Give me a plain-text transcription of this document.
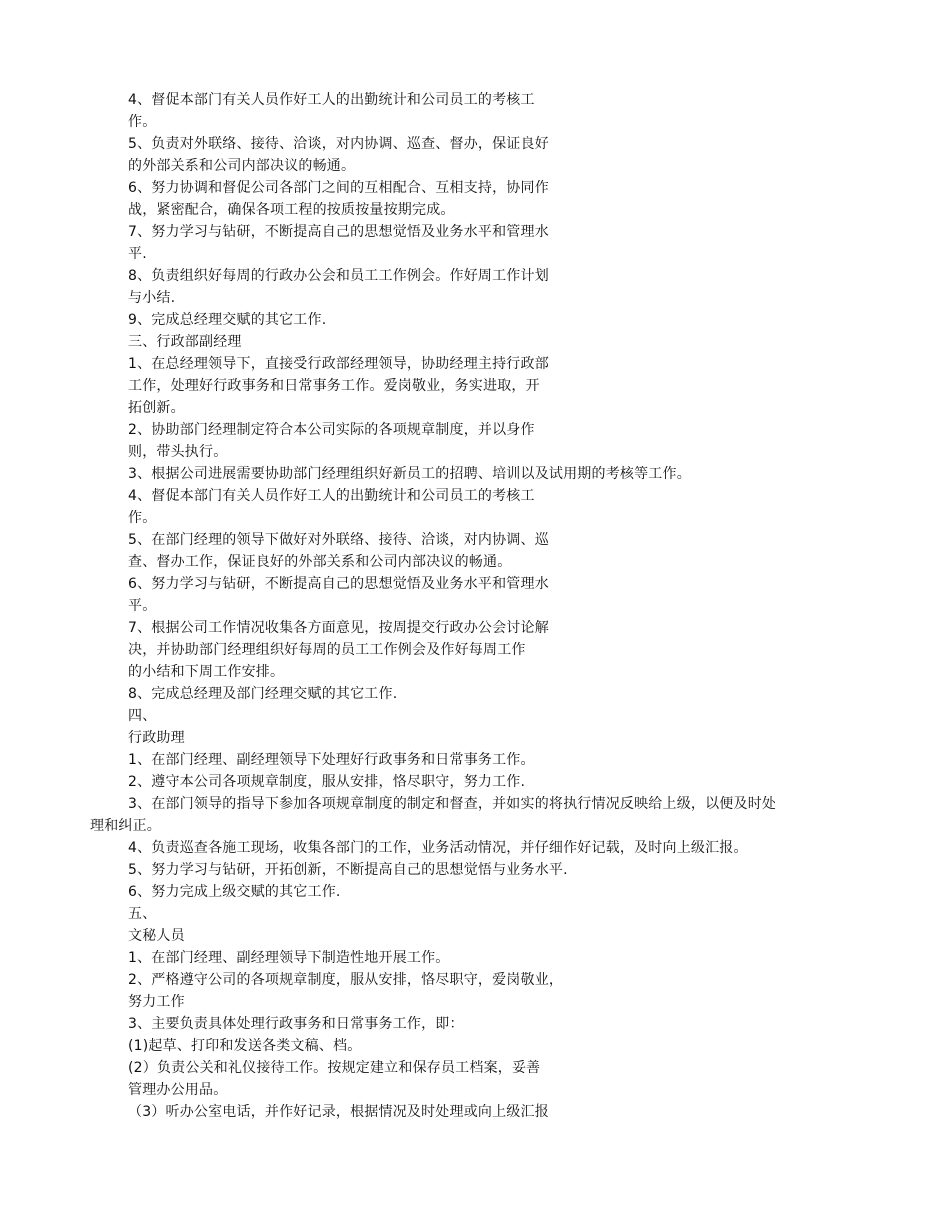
4、督促本部门有关人员作好工人的出勤统计和公司员工的考核工
作。
5、负责对外联络、接待、洽谈，对内协调、巡查、督办，保证良好
的外部关系和公司内部决议的畅通。
6、努力协调和督促公司各部门之间的互相配合、互相支持，协同作
战，紧密配合，确保各项工程的按质按量按期完成。
7、努力学习与钻研，不断提高自己的思想觉悟及业务水平和管理水
平.
8、负责组织好每周的行政办公会和员工工作例会。作好周工作计划
与小结.
9、完成总经理交赋的其它工作.
三、行政部副经理
1、在总经理领导下，直接受行政部经理领导，协助经理主持行政部
工作，处理好行政事务和日常事务工作。爱岗敬业，务实进取，开
拓创新。
2、协助部门经理制定符合本公司实际的各项规章制度，并以身作
则，带头执行。
3、根据公司进展需要协助部门经理组织好新员工的招聘、培训以及试用期的考核等工作。
4、督促本部门有关人员作好工人的出勤统计和公司员工的考核工
作。
5、在部门经理的领导下做好对外联络、接待、洽谈，对内协调、巡
查、督办工作，保证良好的外部关系和公司内部决议的畅通。
6、努力学习与钻研，不断提高自己的思想觉悟及业务水平和管理水
平。
7、根据公司工作情况收集各方面意见，按周提交行政办公会讨论解
决，并协助部门经理组织好每周的员工工作例会及作好每周工作
的小结和下周工作安排。
8、完成总经理及部门经理交赋的其它工作.
四、
行政助理
1、在部门经理、副经理领导下处理好行政事务和日常事务工作。
2、遵守本公司各项规章制度，服从安排，恪尽职守，努力工作.
3、在部门领导的指导下参加各项规章制度的制定和督查，并如实的将执行情况反映给上级，以便及时处
理和纠正。
4、负责巡查各施工现场，收集各部门的工作，业务活动情况，并仔细作好记载，及时向上级汇报。
5、努力学习与钻研，开拓创新，不断提高自己的思想觉悟与业务水平.
6、努力完成上级交赋的其它工作.
五、
文秘人员
1、在部门经理、副经理领导下制造性地开展工作。
2、严格遵守公司的各项规章制度，服从安排，恪尽职守，爱岗敬业，
努力工作
3、主要负责具体处理行政事务和日常事务工作，即：
(1)起草、打印和发送各类文稿、档。
(2）负责公关和礼仪接待工作。按规定建立和保存员工档案，妥善
管理办公用品。
（3）听办公室电话，并作好记录，根据情况及时处理或向上级汇报
